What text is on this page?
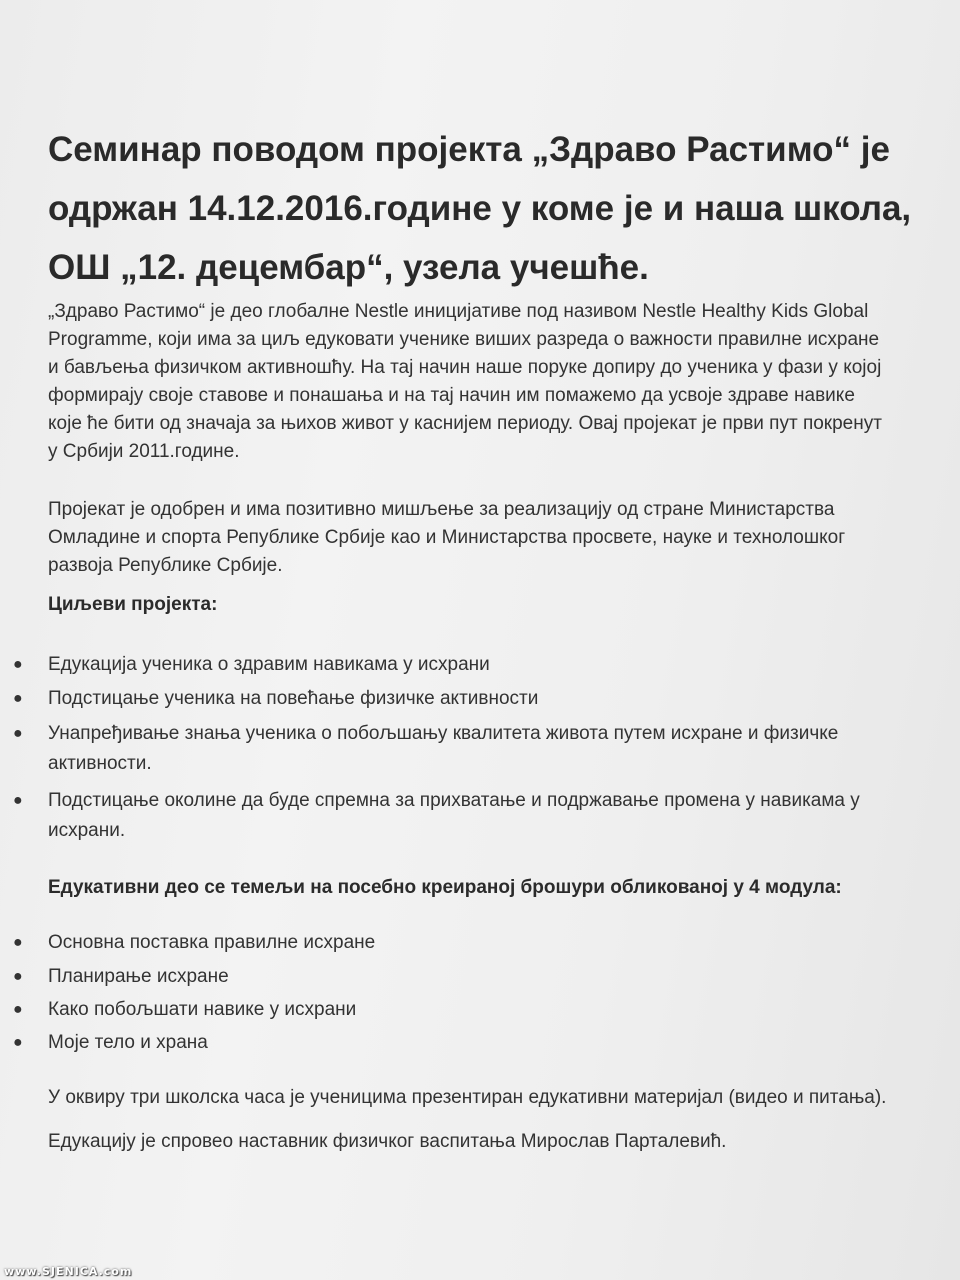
Семинар поводом пројекта „Здраво Растимо“ је
одржан 14.12.2016.године у коме је и наша школа,
ОШ „12. децембар“, узела учешће.
„Здраво Растимо“ је део глобалне Nestle иницијативе под називом Nestle Healthy Kids Global
Programme, који има за циљ едуковати ученике виших разреда о важности правилне исхране
и бављења физичком активношћу. На тај начин наше поруке допиру до ученика у фази у којој
формирају своје ставове и понашања и на тај начин им помажемо да усвоје здраве навике
које ће бити од значаја за њихов живот у каснијем периоду. Овај пројекат је први пут покренут
у Србији 2011.године.
Пројекат је одобрен и има позитивно мишљење за реализацију од стране Министарства
Омладине и спорта Републике Србије као и Министарства просвете, науке и технолошког
развоја Републике Србије.
Циљеви пројекта:
● Едукација ученика о здравим навикама у исхрани
● Подстицање ученика на повећање физичке активности
● Унапређивање знања ученика о побољшању квалитета живота путем исхране и физичке
активности.
● Подстицање околине да буде спремна за прихватање и подржавање промена у навикама у
исхрани.
Едукативни део се темељи на посебно креираној брошури обликованој у 4 модула:
● Основна поставка правилне исхране
● Планирање исхране
● Како побољшати навике у исхрани
● Моје тело и храна
У оквиру три школска часа је ученицима презентиран едукативни материјал (видео и питања).
Едукацију је спровео наставник физичког васпитања Мирослав Парталевић.
www.SJENICA.com
